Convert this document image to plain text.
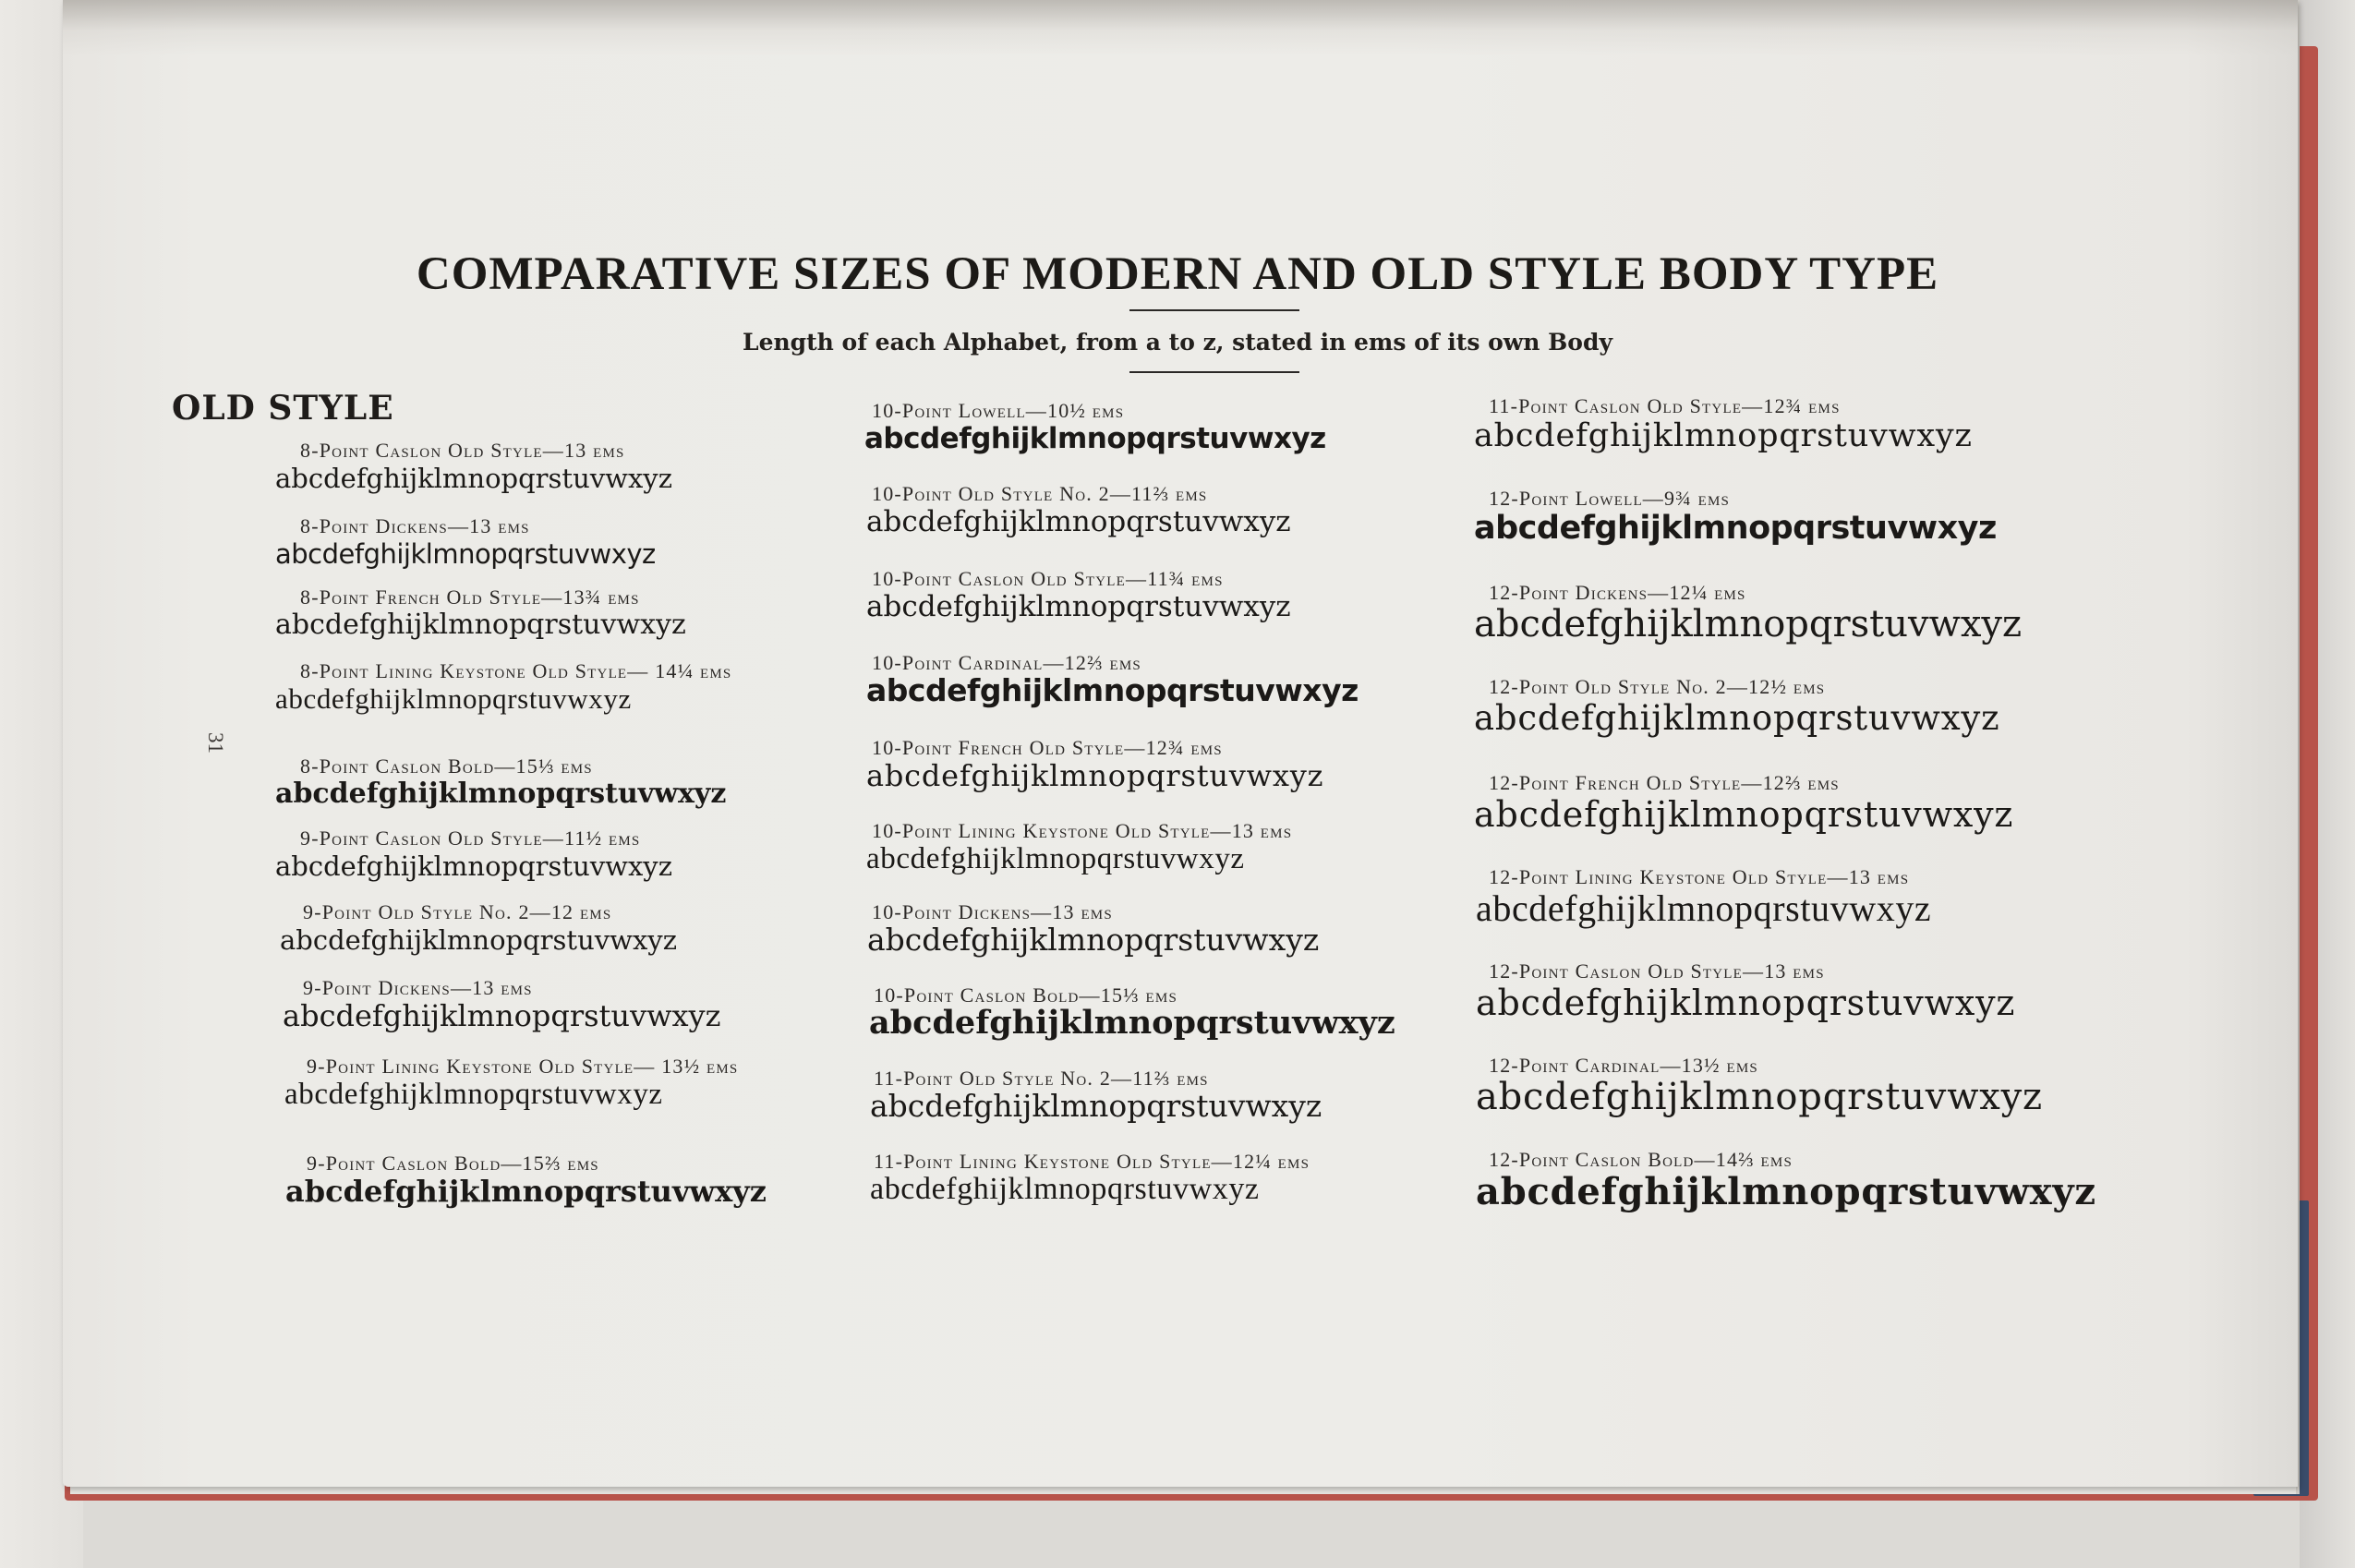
COMPARATIVE SIZES OF MODERN AND OLD STYLE BODY TYPE
Length of each Alphabet, from a to z, stated in ems of its own Body
31
OLD STYLE
8-Point Caslon Old Style—13 ems
abcdefghijklmnopqrstuvwxyz
8-Point Dickens—13 ems
abcdefghijklmnopqrstuvwxyz
8-Point French Old Style—13¾ ems
abcdefghijklmnopqrstuvwxyz
8-Point Lining Keystone Old Style— 14¼ ems
abcdefghijklmnopqrstuvwxyz
8-Point Caslon Bold—15⅓ ems
abcdefghijklmnopqrstuvwxyz
9-Point Caslon Old Style—11½ ems
abcdefghijklmnopqrstuvwxyz
9-Point Old Style No. 2—12 ems
abcdefghijklmnopqrstuvwxyz
9-Point Dickens—13 ems
abcdefghijklmnopqrstuvwxyz
9-Point Lining Keystone Old Style— 13½ ems
abcdefghijklmnopqrstuvwxyz
9-Point Caslon Bold—15⅔ ems
abcdefghijklmnopqrstuvwxyz
10-Point Lowell—10½ ems
abcdefghijklmnopqrstuvwxyz
10-Point Old Style No. 2—11⅔ ems
abcdefghijklmnopqrstuvwxyz
10-Point Caslon Old Style—11¾ ems
abcdefghijklmnopqrstuvwxyz
10-Point Cardinal—12⅔ ems
abcdefghijklmnopqrstuvwxyz
10-Point French Old Style—12¾ ems
abcdefghijklmnopqrstuvwxyz
10-Point Lining Keystone Old Style—13 ems
abcdefghijklmnopqrstuvwxyz
10-Point Dickens—13 ems
abcdefghijklmnopqrstuvwxyz
10-Point Caslon Bold—15⅓ ems
abcdefghijklmnopqrstuvwxyz
11-Point Old Style No. 2—11⅔ ems
abcdefghijklmnopqrstuvwxyz
11-Point Lining Keystone Old Style—12¼ ems
abcdefghijklmnopqrstuvwxyz
11-Point Caslon Old Style—12¾ ems
abcdefghijklmnopqrstuvwxyz
12-Point Lowell—9¾ ems
abcdefghijklmnopqrstuvwxyz
12-Point Dickens—12¼ ems
abcdefghijklmnopqrstuvwxyz
12-Point Old Style No. 2—12½ ems
abcdefghijklmnopqrstuvwxyz
12-Point French Old Style—12⅔ ems
abcdefghijklmnopqrstuvwxyz
12-Point Lining Keystone Old Style—13 ems
abcdefghijklmnopqrstuvwxyz
12-Point Caslon Old Style—13 ems
abcdefghijklmnopqrstuvwxyz
12-Point Cardinal—13½ ems
abcdefghijklmnopqrstuvwxyz
12-Point Caslon Bold—14⅔ ems
abcdefghijklmnopqrstuvwxyz
